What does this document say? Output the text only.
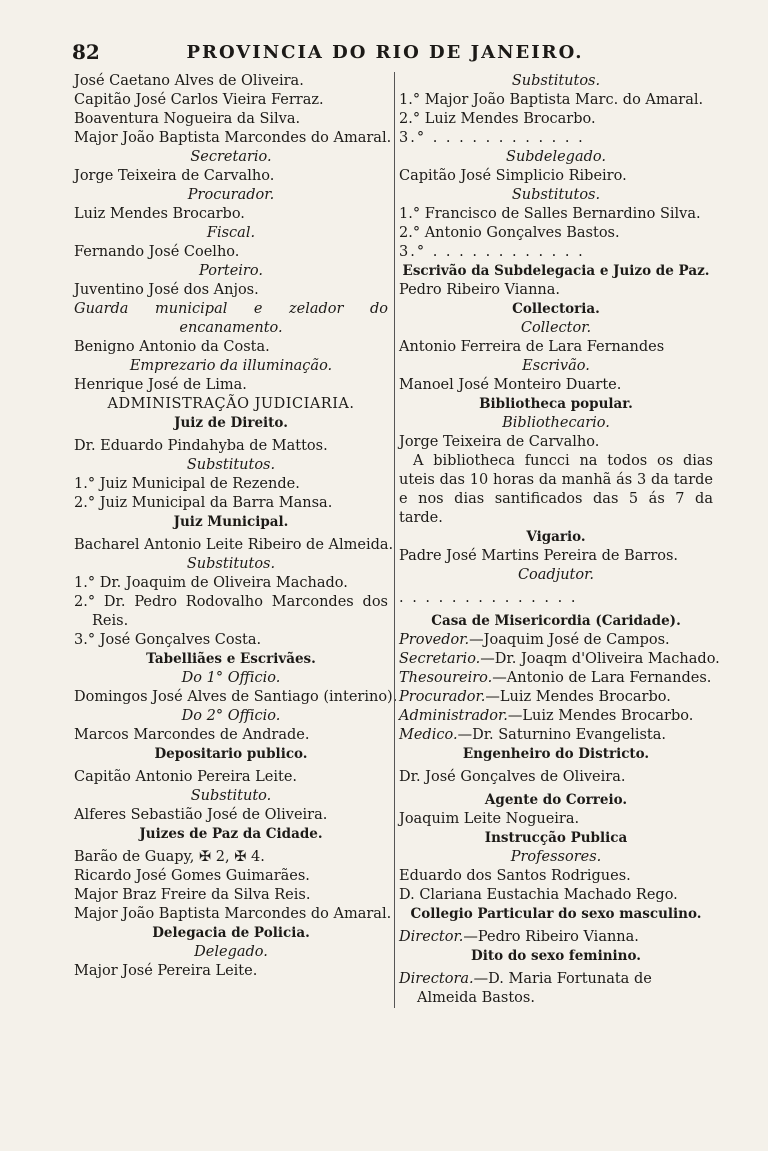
82	PROVINCIA DO RIO DE JANEIRO.

José Caetano Alves de Oliveira.

Capitão José Carlos Vieira Ferraz.

Boaventura Nogueira da Silva.

Major João Baptista Marcondes do Amaral.

Secretario.

Jorge Teixeira de Carvalho.

Procurador.

Luiz Mendes Brocarbo.

Fiscal.

Fernando José Coelho.

Porteiro.

Juventino José dos Anjos.

Guarda municipal e zelador do encanamento.

Benigno Antonio da Costa.

Emprezario da illuminação.

Henrique José de Lima.

ADMINISTRAÇÃO JUDICIARIA.

Juiz de Direito.

Dr. Eduardo Pindahyba de Mattos.

Substitutos.

1.° Juiz Municipal de Rezende.

2.° Juiz Municipal da Barra Mansa.

Juiz Municipal.

Bacharel Antonio Leite Ribeiro de Almeida.

Substitutos.

1.° Dr. Joaquim de Oliveira Machado.

2.° Dr. Pedro Rodovalho Marcondes dos Reis.

3.° José Gonçalves Costa.

Tabelliães e Escrivães.

Do 1° Officio.

Domingos José Alves de Santiago (interino).

Do 2° Officio.

Marcos Marcondes de Andrade.

Depositario publico.

Capitão Antonio Pereira Leite.

Substituto.

Alferes Sebastião José de Oliveira.

Juizes de Paz da Cidade.

Barão de Guapy, ✠ 2, ✠ 4.

Ricardo José Gomes Guimarães.

Major Braz Freire da Silva Reis.

Major João Baptista Marcondes do Amaral.

Delegacia de Policia.

Delegado.

Major José Pereira Leite.

Substitutos.

1.° Major João Baptista Marc. do Amaral.

2.° Luiz Mendes Brocarbo.

3.° . . . . . . . . . . . .

Subdelegado.

Capitão José Simplicio Ribeiro.

Substitutos.

1.° Francisco de Salles Bernardino Silva.

2.° Antonio Gonçalves Bastos.

3.° . . . . . . . . . . . .

Escrivão da Subdelegacia e Juizo de Paz.

Pedro Ribeiro Vianna.

Collectoria.

Collector.

Antonio Ferreira de Lara Fernandes

Escrivão.

Manoel José Monteiro Duarte.

Bibliotheca popular.

Bibliothecario.

Jorge Teixeira de Carvalho.

A bibliotheca funcci na todos os dias uteis das 10 horas da manhã ás 3 da tarde e nos dias santificados das 5 ás 7 da tarde.

Vigario.

Padre José Martins Pereira de Barros.

Coadjutor.

. . . . . . . . . . . . . .

Casa de Misericordia (Caridade).

Provedor.—Joaquim José de Campos.

Secretario.—Dr. Joaqm d'Oliveira Machado.

Thesoureiro.—Antonio de Lara Fernandes.

Procurador.—Luiz Mendes Brocarbo.

Administrador.—Luiz Mendes Brocarbo.

Medico.—Dr. Saturnino Evangelista.

Engenheiro do Districto.

Dr. José Gonçalves de Oliveira.

Agente do Correio.

Joaquim Leite Nogueira.

Instrucção Publica

Professores.

Eduardo dos Santos Rodrigues.

D. Clariana Eustachia Machado Rego.

Collegio Particular do sexo masculino.

Director.—Pedro Ribeiro Vianna.

Dito do sexo feminino.

Directora.—D. Maria Fortunata de Almeida Bastos.
